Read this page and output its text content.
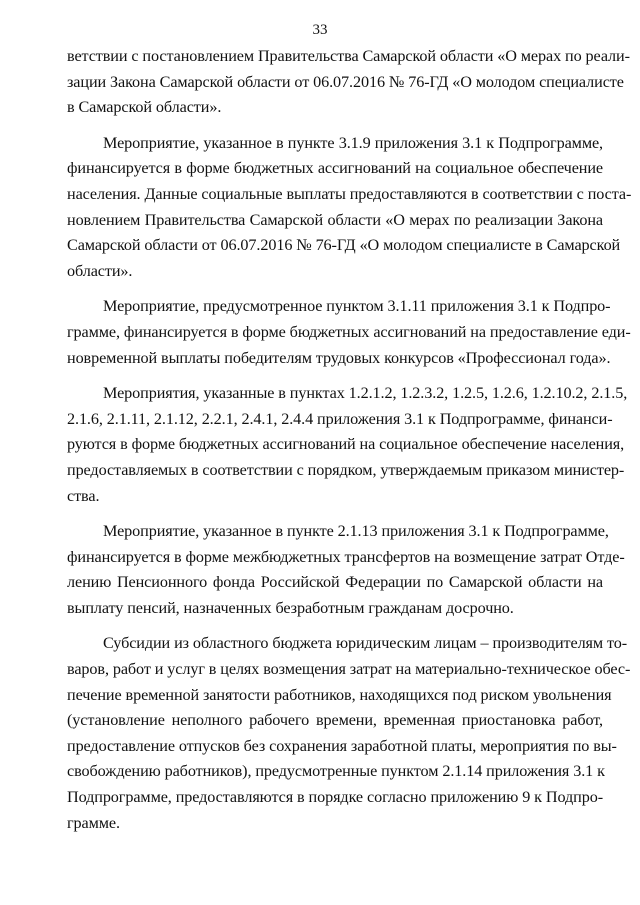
33
ветствии с постановлением Правительства Самарской области «О мерах по реали-
зации Закона Самарской области от 06.07.2016 № 76-ГД «О молодом специалисте
в Самарской области».
Мероприятие, указанное в пункте 3.1.9 приложения 3.1 к Подпрограмме,
финансируется в форме бюджетных ассигнований на социальное обеспечение
населения. Данные социальные выплаты предоставляются в соответствии с поста-
новлением Правительства Самарской области «О мерах по реализации Закона
Самарской области от 06.07.2016 № 76-ГД «О молодом специалисте в Самарской
области».
Мероприятие, предусмотренное пунктом 3.1.11 приложения 3.1 к Подпро-
грамме, финансируется в форме бюджетных ассигнований на предоставление еди-
новременной выплаты победителям трудовых конкурсов «Профессионал года».
Мероприятия, указанные в пунктах 1.2.1.2, 1.2.3.2, 1.2.5, 1.2.6, 1.2.10.2, 2.1.5,
2.1.6, 2.1.11, 2.1.12, 2.2.1, 2.4.1, 2.4.4 приложения 3.1 к Подпрограмме, финанси-
руются в форме бюджетных ассигнований на социальное обеспечение населения,
предоставляемых в соответствии с порядком, утверждаемым приказом министер-
ства.
Мероприятие, указанное в пункте 2.1.13 приложения 3.1 к Подпрограмме,
финансируется в форме межбюджетных трансфертов на возмещение затрат Отде-
лению Пенсионного фонда Российской Федерации по Самарской области на
выплату пенсий, назначенных безработным гражданам досрочно.
Субсидии из областного бюджета юридическим лицам – производителям то-
варов, работ и услуг в целях возмещения затрат на материально-техническое обес-
печение временной занятости работников, находящихся под риском увольнения
(установление неполного рабочего времени, временная приостановка работ,
предоставление отпусков без сохранения заработной платы, мероприятия по вы-
свобождению работников), предусмотренные пунктом 2.1.14 приложения 3.1 к
Подпрограмме, предоставляются в порядке согласно приложению 9 к Подпро-
грамме.
